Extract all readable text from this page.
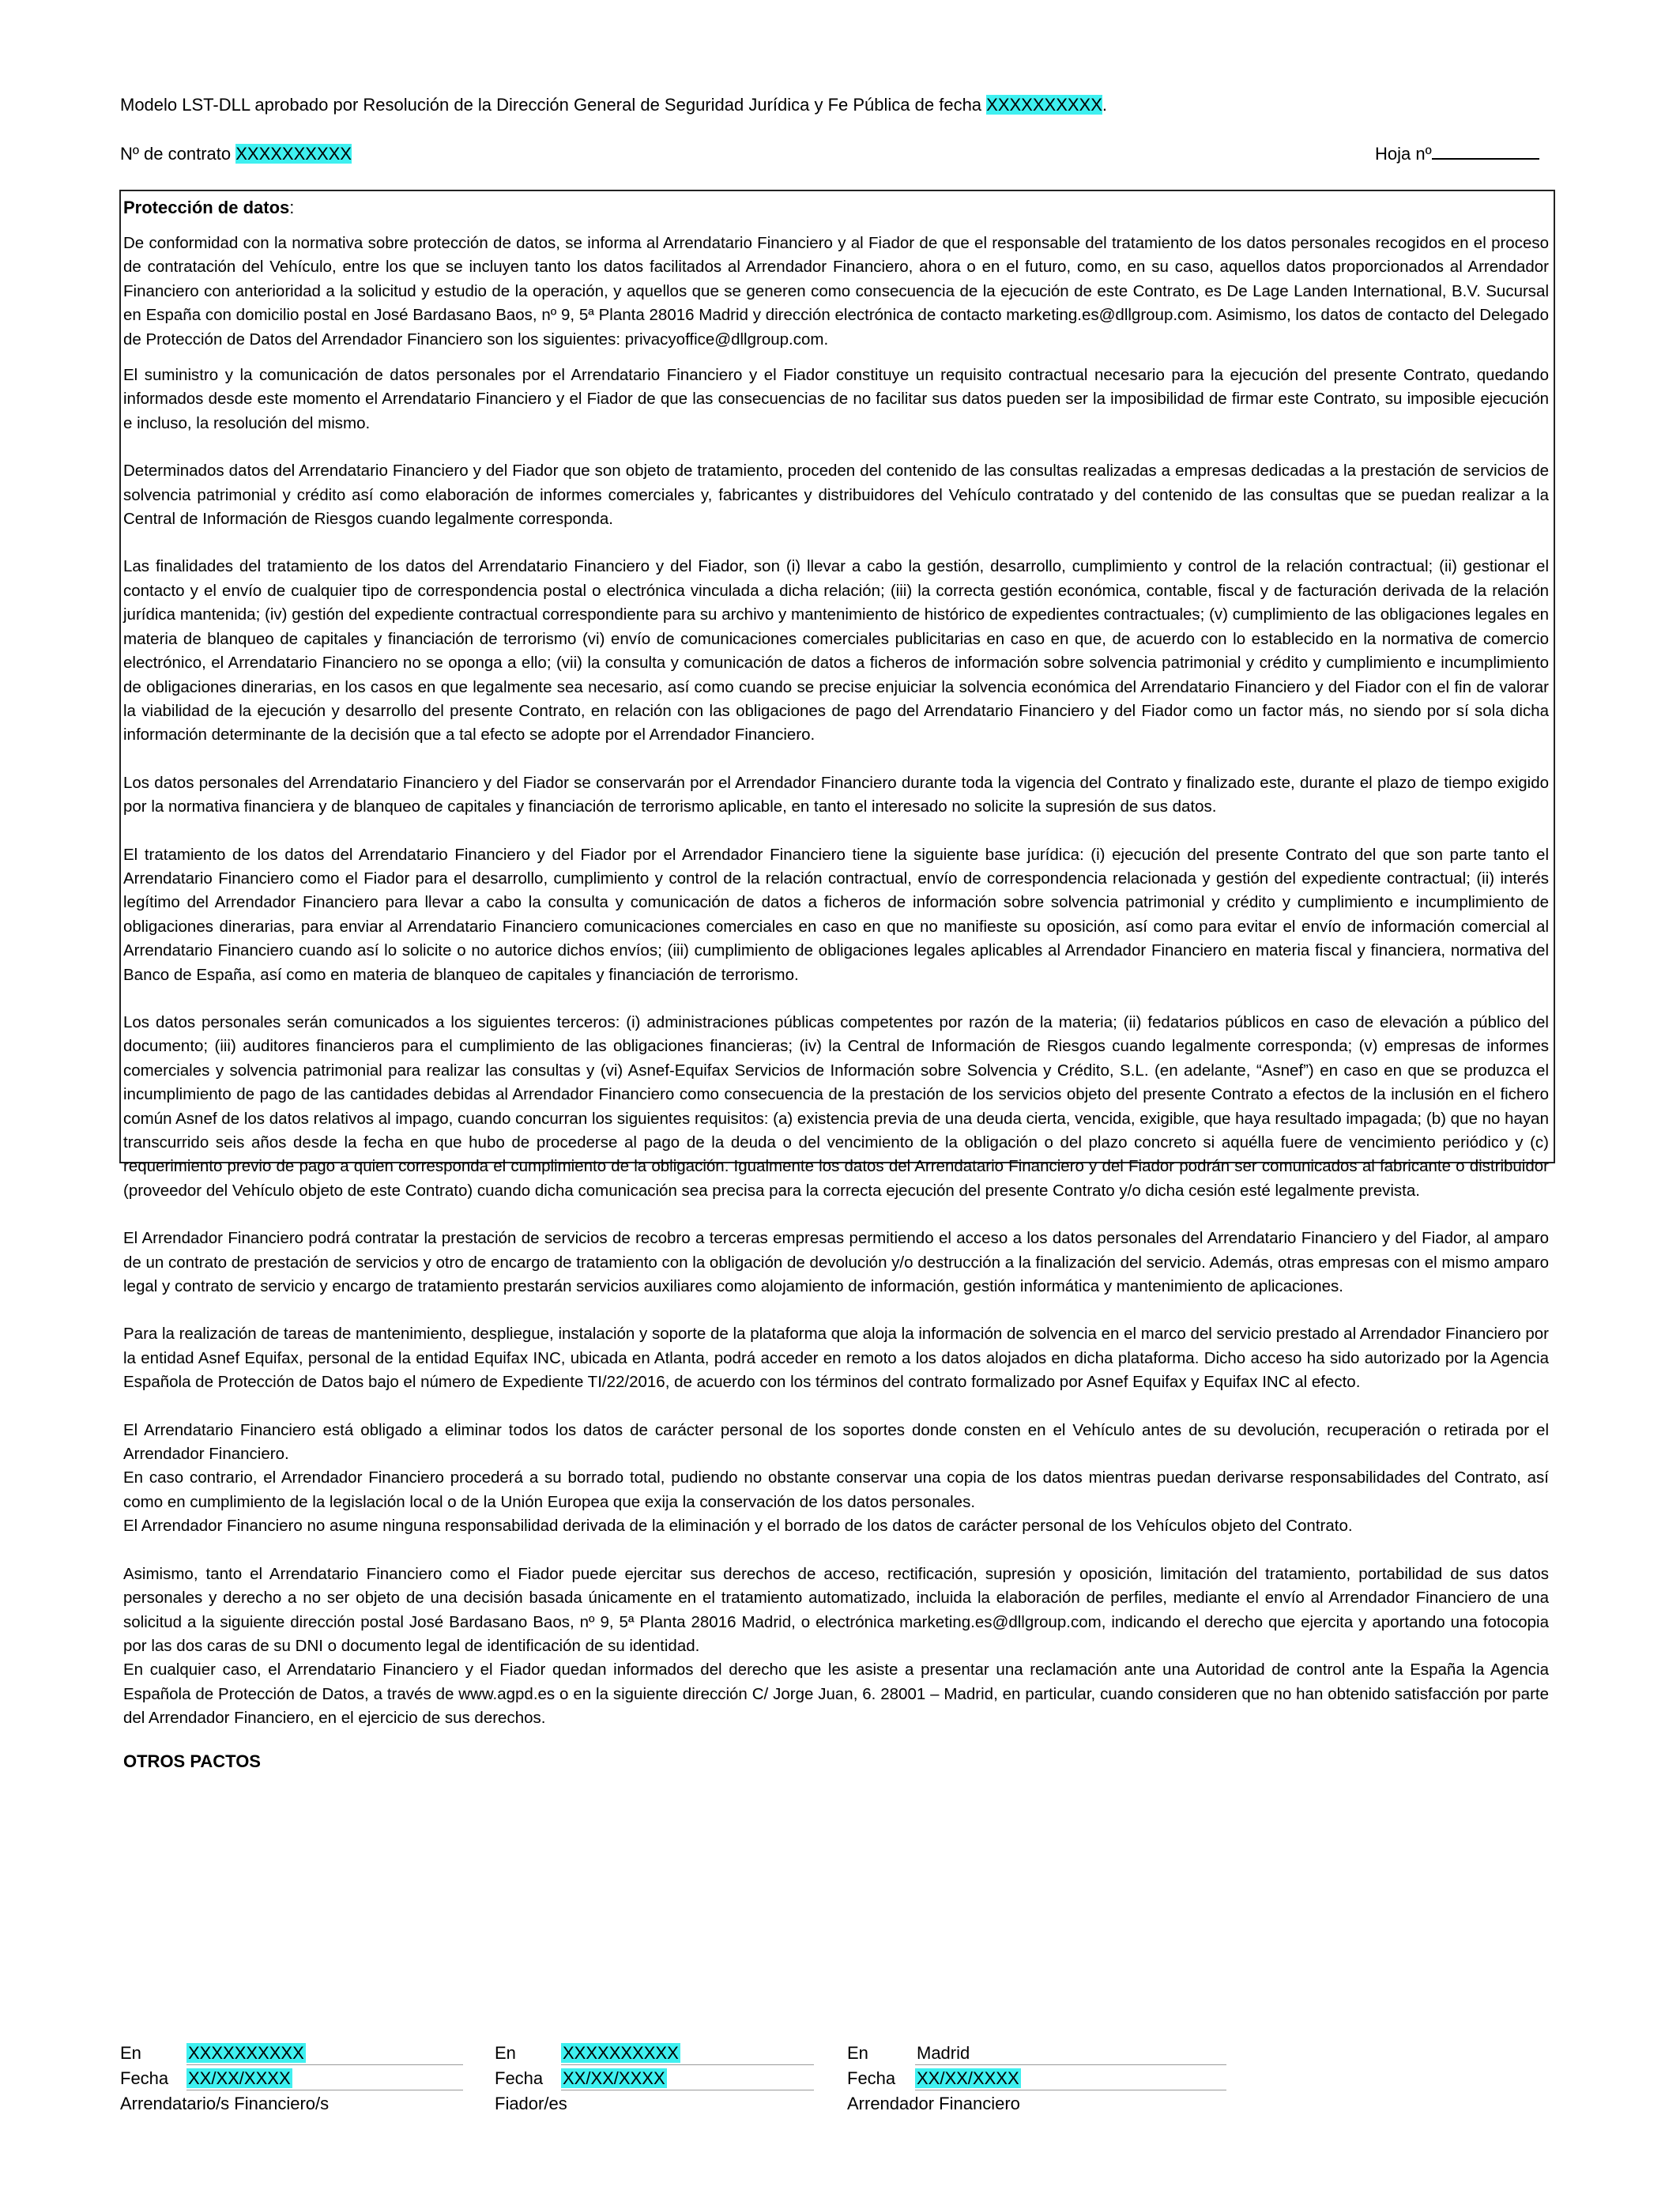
Modelo LST-DLL aprobado por Resolución de la Dirección General de Seguridad Jurídica y Fe Pública de fecha XXXXXXXXXX.
Nº de contrato XXXXXXXXXX	Hoja nº
Protección de datos:

De conformidad con la normativa sobre protección de datos, se informa al Arrendatario Financiero y al Fiador de que el responsable del tratamiento de los datos personales recogidos en el proceso de contratación del Vehículo, entre los que se incluyen tanto los datos facilitados al Arrendador Financiero, ahora o en el futuro, como, en su caso, aquellos datos proporcionados al Arrendador Financiero con anterioridad a la solicitud y estudio de la operación, y aquellos que se generen como consecuencia de la ejecución de este Contrato, es De Lage Landen International, B.V. Sucursal en España con domicilio postal en José Bardasano Baos, nº 9, 5ª Planta 28016 Madrid y dirección electrónica de contacto marketing.es@dllgroup.com. Asimismo, los datos de contacto del Delegado de Protección de Datos del Arrendador Financiero son los siguientes: privacyoffice@dllgroup.com.

El suministro y la comunicación de datos personales por el Arrendatario Financiero y el Fiador constituye un requisito contractual necesario para la ejecución del presente Contrato, quedando informados desde este momento el Arrendatario Financiero y el Fiador de que las consecuencias de no facilitar sus datos pueden ser la imposibilidad de firmar este Contrato, su imposible ejecución e incluso, la resolución del mismo.

Determinados datos del Arrendatario Financiero y del Fiador que son objeto de tratamiento, proceden del contenido de las consultas realizadas a empresas dedicadas a la prestación de servicios de solvencia patrimonial y crédito así como elaboración de informes comerciales y, fabricantes y distribuidores del Vehículo contratado y del contenido de las consultas que se puedan realizar a la Central de Información de Riesgos cuando legalmente corresponda.

Las finalidades del tratamiento de los datos del Arrendatario Financiero y del Fiador, son (i) llevar a cabo la gestión, desarrollo, cumplimiento y control de la relación contractual; (ii) gestionar el contacto y el envío de cualquier tipo de correspondencia postal o electrónica vinculada a dicha relación; (iii) la correcta gestión económica, contable, fiscal y de facturación derivada de la relación jurídica mantenida; (iv) gestión del expediente contractual correspondiente para su archivo y mantenimiento de histórico de expedientes contractuales; (v) cumplimiento de las obligaciones legales en materia de blanqueo de capitales y financiación de terrorismo (vi) envío de comunicaciones comerciales publicitarias en caso en que, de acuerdo con lo establecido en la normativa de comercio electrónico, el Arrendatario Financiero no se oponga a ello; (vii) la consulta y comunicación de datos a ficheros de información sobre solvencia patrimonial y crédito y cumplimiento e incumplimiento de obligaciones dinerarias, en los casos en que legalmente sea necesario, así como cuando se precise enjuiciar la solvencia económica del Arrendatario Financiero y del Fiador con el fin de valorar la viabilidad de la ejecución y desarrollo del presente Contrato, en relación con las obligaciones de pago del Arrendatario Financiero y del Fiador como un factor más, no siendo por sí sola dicha información determinante de la decisión que a tal efecto se adopte por el Arrendador Financiero.

Los datos personales del Arrendatario Financiero y del Fiador se conservarán por el Arrendador Financiero durante toda la vigencia del Contrato y finalizado este, durante el plazo de tiempo exigido por la normativa financiera y de blanqueo de capitales y financiación de terrorismo aplicable, en tanto el interesado no solicite la supresión de sus datos.

El tratamiento de los datos del Arrendatario Financiero y del Fiador por el Arrendador Financiero tiene la siguiente base jurídica: (i) ejecución del presente Contrato del que son parte tanto el Arrendatario Financiero como el Fiador para el desarrollo, cumplimiento y control de la relación contractual, envío de correspondencia relacionada y gestión del expediente contractual; (ii) interés legítimo del Arrendador Financiero para llevar a cabo la consulta y comunicación de datos a ficheros de información sobre solvencia patrimonial y crédito y cumplimiento e incumplimiento de obligaciones dinerarias, para enviar al Arrendatario Financiero comunicaciones comerciales en caso en que no manifieste su oposición, así como para evitar el envío de información comercial al Arrendatario Financiero cuando así lo solicite o no autorice dichos envíos; (iii) cumplimiento de obligaciones legales aplicables al Arrendador Financiero en materia fiscal y financiera, normativa del Banco de España, así como en materia de blanqueo de capitales y financiación de terrorismo.

Los datos personales serán comunicados a los siguientes terceros: (i) administraciones públicas competentes por razón de la materia; (ii) fedatarios públicos en caso de elevación a público del documento; (iii) auditores financieros para el cumplimiento de las obligaciones financieras; (iv) la Central de Información de Riesgos cuando legalmente corresponda; (v) empresas de informes comerciales y solvencia patrimonial para realizar las consultas y (vi) Asnef-Equifax Servicios de Información sobre Solvencia y Crédito, S.L. (en adelante, “Asnef”) en caso en que se produzca el incumplimiento de pago de las cantidades debidas al Arrendador Financiero como consecuencia de la prestación de los servicios objeto del presente Contrato a efectos de la inclusión en el fichero común Asnef de los datos relativos al impago, cuando concurran los siguientes requisitos: (a) existencia previa de una deuda cierta, vencida, exigible, que haya resultado impagada; (b) que no hayan transcurrido seis años desde la fecha en que hubo de procederse al pago de la deuda o del vencimiento de la obligación o del plazo concreto si aquélla fuere de vencimiento periódico y (c) requerimiento previo de pago a quien corresponda el cumplimiento de la obligación. Igualmente los datos del Arrendatario Financiero y del Fiador podrán ser comunicados al fabricante o distribuidor (proveedor del Vehículo objeto de este Contrato) cuando dicha comunicación sea precisa para la correcta ejecución del presente Contrato y/o dicha cesión esté legalmente prevista.

El Arrendador Financiero podrá contratar la prestación de servicios de recobro a terceras empresas permitiendo el acceso a los datos personales del Arrendatario Financiero y del Fiador, al amparo de un contrato de prestación de servicios y otro de encargo de tratamiento con la obligación de devolución y/o destrucción a la finalización del servicio. Además, otras empresas con el mismo amparo legal y contrato de servicio y encargo de tratamiento prestarán servicios auxiliares como alojamiento de información, gestión informática y mantenimiento de aplicaciones.

Para la realización de tareas de mantenimiento, despliegue, instalación y soporte de la plataforma que aloja la información de solvencia en el marco del servicio prestado al Arrendador Financiero por la entidad Asnef Equifax, personal de la entidad Equifax INC, ubicada en Atlanta, podrá acceder en remoto a los datos alojados en dicha plataforma. Dicho acceso ha sido autorizado por la Agencia Española de Protección de Datos bajo el número de Expediente TI/22/2016, de acuerdo con los términos del contrato formalizado por Asnef Equifax y Equifax INC al efecto.

El Arrendatario Financiero está obligado a eliminar todos los datos de carácter personal de los soportes donde consten en el Vehículo antes de su devolución, recuperación o retirada por el Arrendador Financiero.

En caso contrario, el Arrendador Financiero procederá a su borrado total, pudiendo no obstante conservar una copia de los datos mientras puedan derivarse responsabilidades del Contrato, así como en cumplimiento de la legislación local o de la Unión Europea que exija la conservación de los datos personales.

El Arrendador Financiero no asume ninguna responsabilidad derivada de la eliminación y el borrado de los datos de carácter personal de los Vehículos objeto del Contrato.

Asimismo, tanto el Arrendatario Financiero como el Fiador puede ejercitar sus derechos de acceso, rectificación, supresión y oposición, limitación del tratamiento, portabilidad de sus datos personales y derecho a no ser objeto de una decisión basada únicamente en el tratamiento automatizado, incluida la elaboración de perfiles, mediante el envío al Arrendador Financiero de una solicitud a la siguiente dirección postal José Bardasano Baos, nº 9, 5ª Planta 28016 Madrid, o electrónica marketing.es@dllgroup.com, indicando el derecho que ejercita y aportando una fotocopia por las dos caras de su DNI o documento legal de identificación de su identidad.

En cualquier caso, el Arrendatario Financiero y el Fiador quedan informados del derecho que les asiste a presentar una reclamación ante una Autoridad de control ante la España la Agencia Española de Protección de Datos, a través de www.agpd.es o en la siguiente dirección C/ Jorge Juan, 6. 28001 – Madrid, en particular, cuando consideren que no han obtenido satisfacción por parte del Arrendador Financiero, en el ejercicio de sus derechos.

OTROS PACTOS
En	XXXXXXXXXX
Fecha XX/XX/XXXX
Arrendatario/s Financiero/s
En	XXXXXXXXXX
Fecha XX/XX/XXXX
Fiador/es
En	Madrid
Fecha XX/XX/XXXX
Arrendador Financiero
